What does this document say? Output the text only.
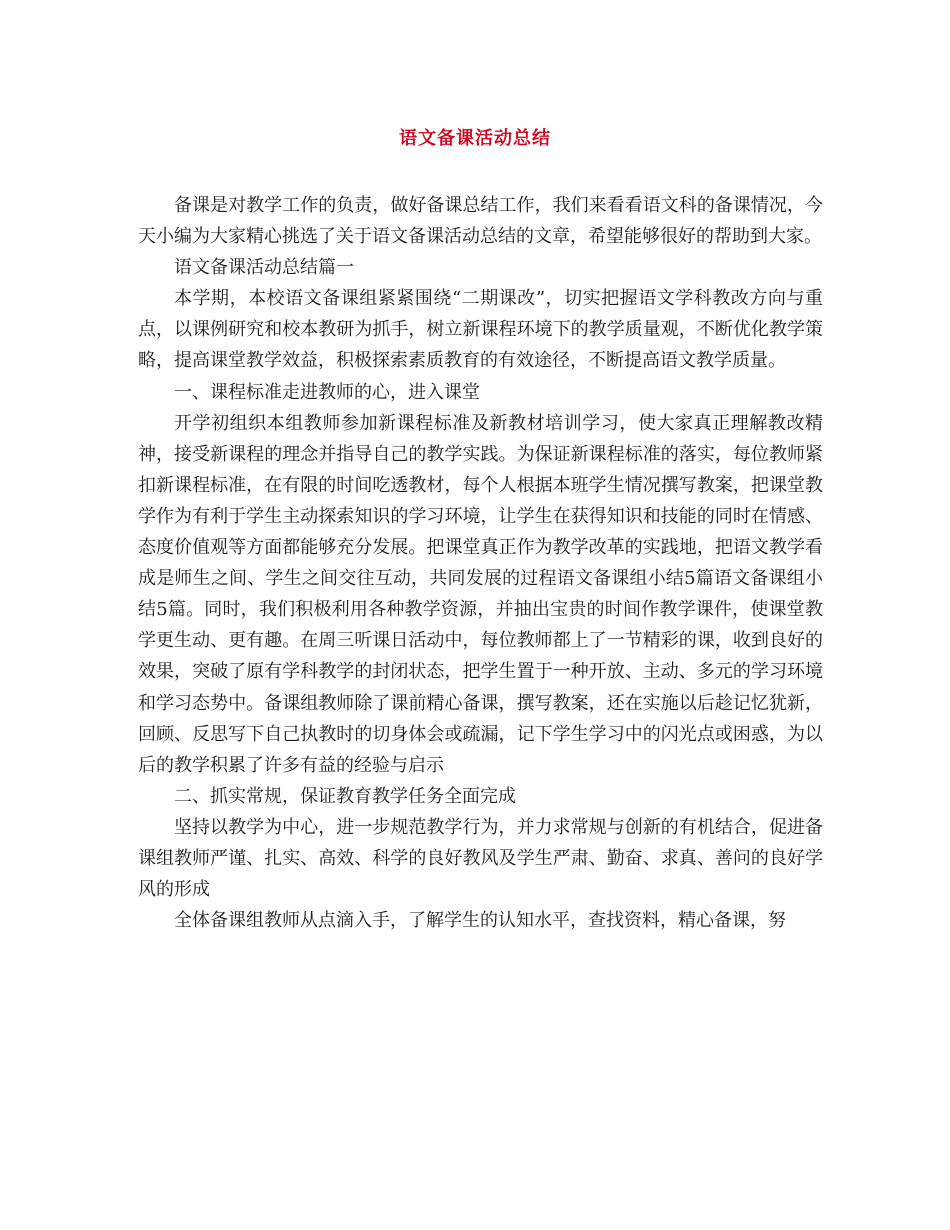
语文备课活动总结

备课是对教学工作的负责，做好备课总结工作，我们来看看语文科的备课情况，今天小编为大家精心挑选了关于语文备课活动总结的文章，希望能够很好的帮助到大家。

语文备课活动总结篇一

本学期，本校语文备课组紧紧围绕“二期课改”，切实把握语文学科教改方向与重点，以课例研究和校本教研为抓手，树立新课程环境下的教学质量观，不断优化教学策略，提高课堂教学效益，积极探索素质教育的有效途径，不断提高语文教学质量。

一、课程标准走进教师的心，进入课堂

开学初组织本组教师参加新课程标准及新教材培训学习，使大家真正理解教改精神，接受新课程的理念并指导自己的教学实践。为保证新课程标准的落实，每位教师紧扣新课程标准，在有限的时间吃透教材，每个人根据本班学生情况撰写教案，把课堂教学作为有利于学生主动探索知识的学习环境，让学生在获得知识和技能的同时在情感、态度价值观等方面都能够充分发展。把课堂真正作为教学改革的实践地，把语文教学看成是师生之间、学生之间交往互动，共同发展的过程语文备课组小结5篇语文备课组小结5篇。同时，我们积极利用各种教学资源，并抽出宝贵的时间作教学课件，使课堂教学更生动、更有趣。在周三听课日活动中，每位教师都上了一节精彩的课，收到良好的效果，突破了原有学科教学的封闭状态，把学生置于一种开放、主动、多元的学习环境和学习态势中。备课组教师除了课前精心备课，撰写教案，还在实施以后趁记忆犹新，回顾、反思写下自己执教时的切身体会或疏漏，记下学生学习中的闪光点或困惑，为以后的教学积累了许多有益的经验与启示

二、抓实常规，保证教育教学任务全面完成

坚持以教学为中心，进一步规范教学行为，并力求常规与创新的有机结合，促进备课组教师严谨、扎实、高效、科学的良好教风及学生严肃、勤奋、求真、善问的良好学风的形成

全体备课组教师从点滴入手，了解学生的认知水平，查找资料，精心备课，努
